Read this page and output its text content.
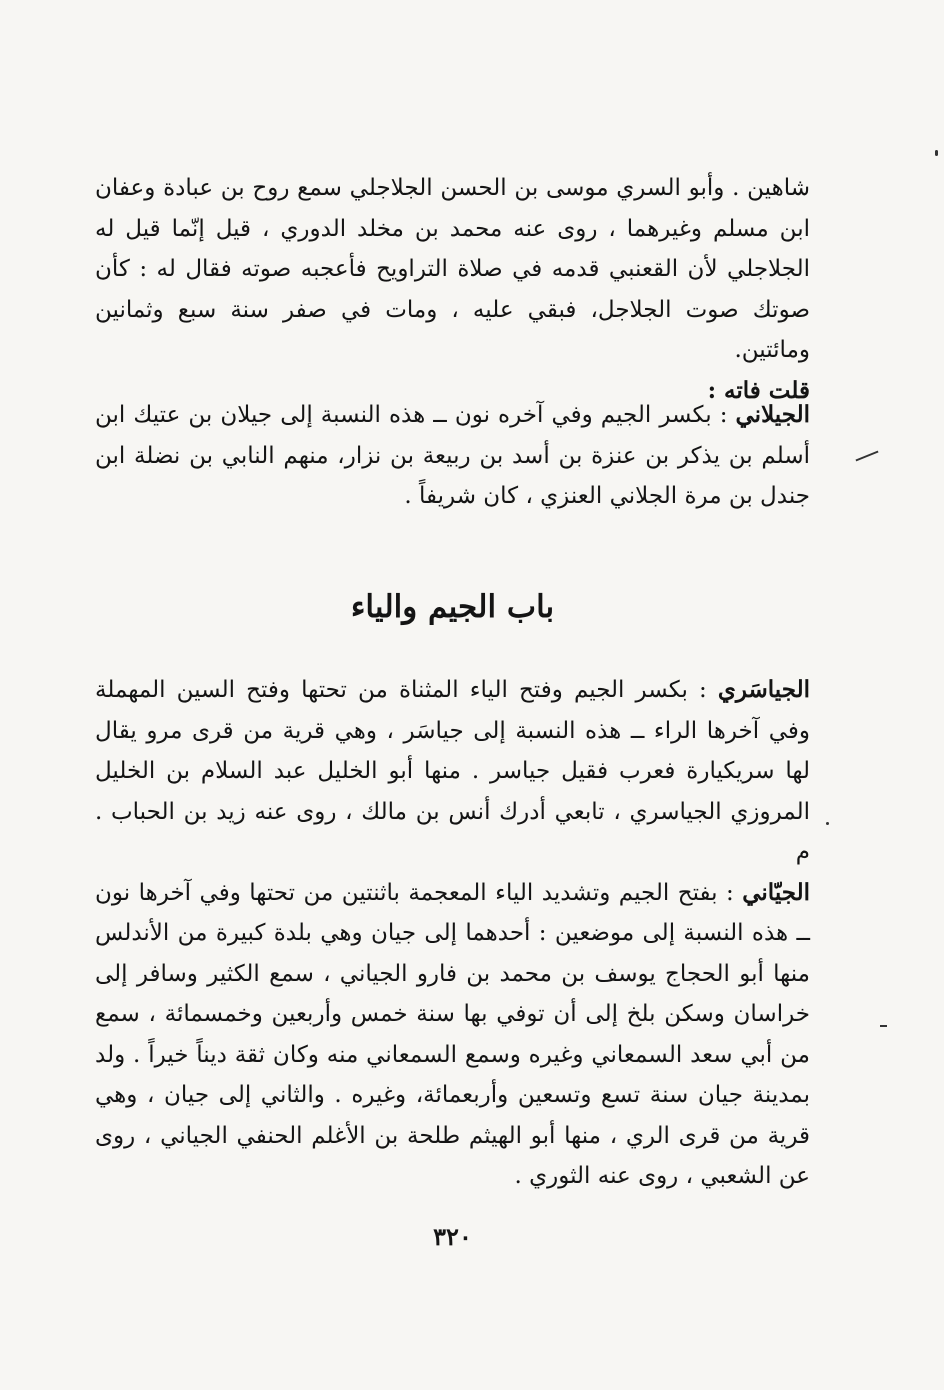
شاهين . وأبو السري موسى بن الحسن الجلاجلي سمع روح بن عبادة وعفان ابن مسلم وغيرهما ، روى عنه محمد بن مخلد الدوري ، قيل إنّما قيل له الجلاجلي لأن القعنبي قدمه في صلاة التراويح فأعجبه صوته فقال له : كأن صوتك صوت الجلاجل، فبقي عليه ، ومات في صفر سنة سبع وثمانين ومائتين.

قلت فاته :

الجيلاني : بكسر الجيم وفي آخره نون ــ هذه النسبة إلى جيلان بن عتيك ابن أسلم بن يذكر بن عنزة بن أسد بن ربيعة بن نزار، منهم النابي بن نضلة ابن جندل بن مرة الجلاني العنزي ، كان شريفاً .

باب الجيم والياء

الجياسَري : بكسر الجيم وفتح الياء المثناة من تحتها وفتح السين المهملة وفي آخرها الراء ــ هذه النسبة إلى جياسَر ، وهي قرية من قرى مرو يقال لها سريكيارة فعرب فقيل جياسر . منها أبو الخليل عبد السلام بن الخليل المروزي الجياسري ، تابعي أدرك أنس بن مالك ، روى عنه زيد بن الحباب . م

الجيّاني : بفتح الجيم وتشديد الياء المعجمة باثنتين من تحتها وفي آخرها نون ــ هذه النسبة إلى موضعين : أحدهما إلى جيان وهي بلدة كبيرة من الأندلس منها أبو الحجاج يوسف بن محمد بن فارو الجياني ، سمع الكثير وسافر إلى خراسان وسكن بلخ إلى أن توفي بها سنة خمس وأربعين وخمسمائة ، سمع من أبي سعد السمعاني وغيره وسمع السمعاني منه وكان ثقة ديناً خيراً . ولد بمدينة جيان سنة تسع وتسعين وأربعمائة، وغيره . والثاني إلى جيان ، وهي قرية من قرى الري ، منها أبو الهيثم طلحة بن الأغلم الحنفي الجياني ، روى عن الشعبي ، روى عنه الثوري .

٣٢٠
